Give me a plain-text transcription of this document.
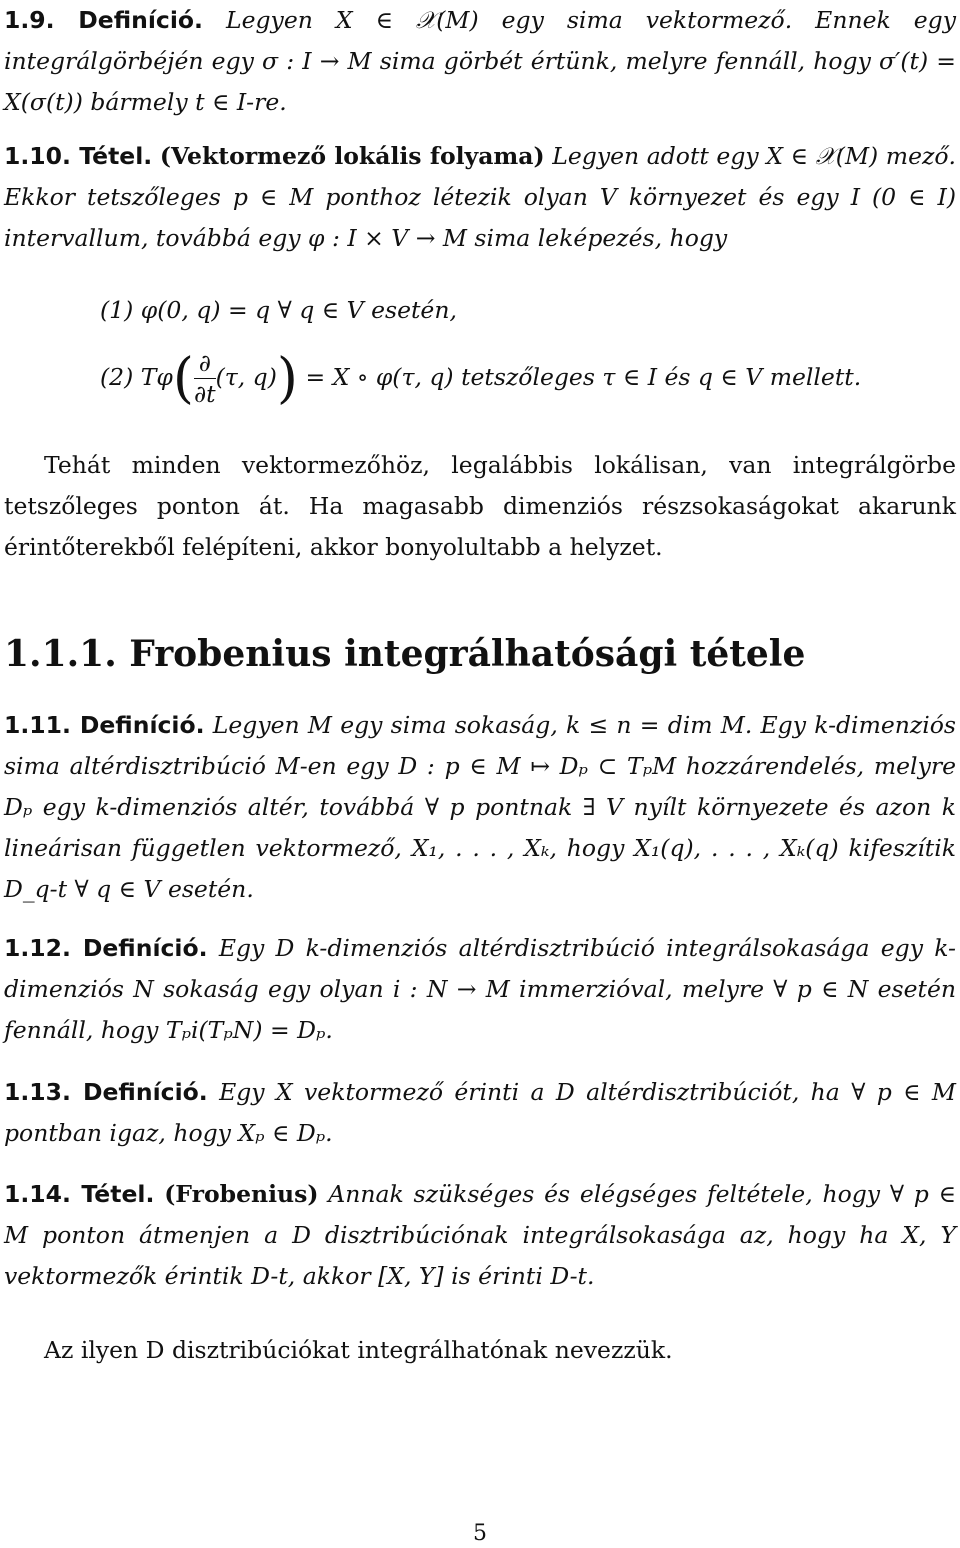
1.9. Definíció. Legyen X ∈ 𝒳(M) egy sima vektormező. Ennek egy integrálgörbéjén egy σ : I → M sima görbét értünk, melyre fennáll, hogy σ′(t) = X(σ(t)) bármely t ∈ I-re.

1.10. Tétel. (Vektormező lokális folyama) Legyen adott egy X ∈ 𝒳(M) mező. Ekkor tetszőleges p ∈ M ponthoz létezik olyan V környezet és egy I (0 ∈ I) intervallum, továbbá egy φ : I × V → M sima leképezés, hogy

(1) φ(0, q) = q ∀ q ∈ V esetén,
(2) $T\varphi( \frac{\partial}{\partial t} (\tau$, q)) = X ∘ φ(τ, q) tetszőleges τ ∈ I és q ∈ V mellett.

Tehát minden vektormezőhöz, legalábbis lokálisan, van integrálgörbe tetszőleges ponton át. Ha magasabb dimenziós részsokaságokat akarunk érintőterekből felépíteni, akkor bonyolultabb a helyzet.

1.1.1. Frobenius integrálhatósági tétele

1.11. Definíció. Legyen M egy sima sokaság, k ≤ n = dim M. Egy k-dimenziós sima altérdisztribúció M-en egy D : p ∈ M ↦ Dₚ ⊂ TₚM hozzárendelés, melyre Dₚ egy k-dimenziós altér, továbbá ∀ p pontnak ∃ V nyílt környezete és azon k lineárisan független vektormező, X₁, . . . , Xₖ, hogy X₁(q), . . . , Xₖ(q) kifeszítik D_q-t ∀ q ∈ V esetén.

1.12. Definíció. Egy D k-dimenziós altérdisztribúció integrálsokasága egy k-dimenziós N sokaság egy olyan i : N → M immerzióval, melyre ∀ p ∈ N esetén fennáll, hogy Tₚi(TₚN) = Dₚ.

1.13. Definíció. Egy X vektormező érinti a D altérdisztribúciót, ha ∀ p ∈ M pontban igaz, hogy Xₚ ∈ Dₚ.

1.14. Tétel. (Frobenius) Annak szükséges és elégséges feltétele, hogy ∀ p ∈ M ponton átmenjen a D disztribúciónak integrálsokasága az, hogy ha X, Y vektormezők érintik D-t, akkor [X, Y] is érinti D-t.

Az ilyen D disztribúciókat integrálhatónak nevezzük.

5
